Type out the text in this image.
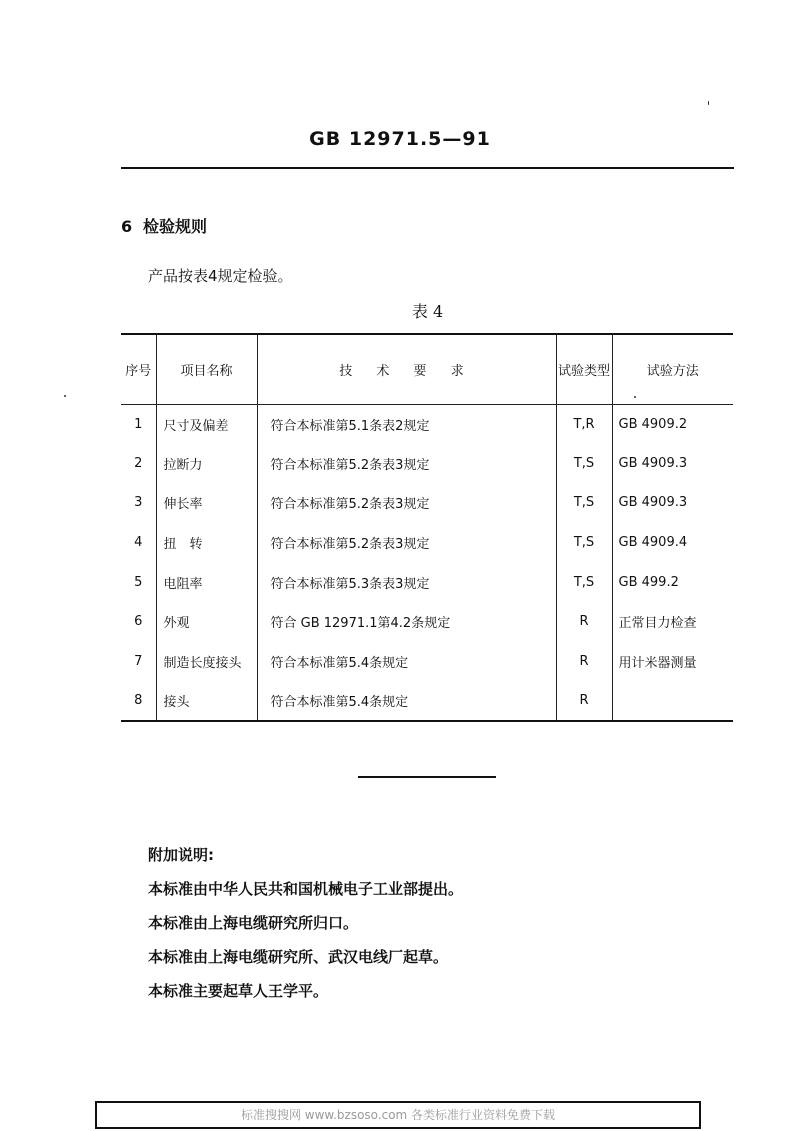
GB 12971.5—91
6 检验规则
产品按表4规定检验。
表 4
序号	项目名称	技 术 要 求	试验类型	试验方法
1	尺寸及偏差	符合本标准第5.1条表2规定	T,R	GB 4909.2
2	拉断力	符合本标准第5.2条表3规定	T,S	GB 4909.3
3	伸长率	符合本标准第5.2条表3规定	T,S	GB 4909.3
4	扭　转	符合本标准第5.2条表3规定	T,S	GB 4909.4
5	电阻率	符合本标准第5.3条表3规定	T,S	GB 499.2
6	外观	符合 GB 12971.1第4.2条规定	R	正常目力检查
7	制造长度接头	符合本标准第5.4条规定	R	用计米器测量
8	接头	符合本标准第5.4条规定	R	
附加说明:
本标准由中华人民共和国机械电子工业部提出。
本标准由上海电缆研究所归口。
本标准由上海电缆研究所、武汉电线厂起草。
本标准主要起草人王学平。
标准搜搜网 www.bzsoso.com 各类标准行业资料免费下载
